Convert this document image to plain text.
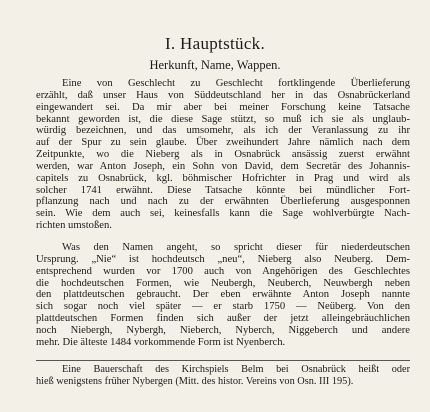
I. Hauptstück.
Herkunft, Name, Wappen.
Eine von Geschlecht zu Geschlecht fortklingende Überlieferung
erzählt, daß unser Haus von Süddeutschland her in das Osnabrückerland
eingewandert sei. Da mir aber bei meiner Forschung keine Tatsache
bekannt geworden ist, die diese Sage stützt, so muß ich sie als unglaub-
würdig bezeichnen, und das umsomehr, als ich der Veranlassung zu ihr
auf der Spur zu sein glaube. Über zweihundert Jahre nämlich nach dem
Zeitpunkte, wo die Nieberg als in Osnabrück ansässig zuerst erwähnt
werden, war Anton Joseph, ein Sohn von David, dem Secretär des Johannis-
capitels zu Osnabrück, kgl. böhmischer Hofrichter in Prag und wird als
solcher 1741 erwähnt. Diese Tatsache könnte bei mündlicher Fort-
pflanzung nach und nach zu der erwähnten Überlieferung ausgesponnen
sein. Wie dem auch sei, keinesfalls kann die Sage wohlverbürgte Nach-
richten umstoßen.
Was den Namen angeht, so spricht dieser für niederdeutschen
Ursprung. „Nie“ ist hochdeutsch „neu“, Nieberg also Neuberg. Dem-
entsprechend wurden vor 1700 auch von Angehörigen des Geschlechtes
die hochdeutschen Formen, wie Neubergh, Neuberch, Neuwbergh neben
den plattdeutschen gebraucht. Der eben erwähnte Anton Joseph nannte
sich sogar noch viel später — er starb 1750 — Neüberg. Von den
plattdeutschen Formen finden sich außer der jetzt alleingebräuchlichen
noch Niebergh, Nybergh, Nieberch, Nyberch, Niggeberch und andere
mehr. Die älteste 1484 vorkommende Form ist Nyenberch.
Eine Bauerschaft des Kirchspiels Belm bei Osnabrück heißt oder
hieß wenigstens früher Nybergen (Mitt. des histor. Vereins von Osn. III 195).
